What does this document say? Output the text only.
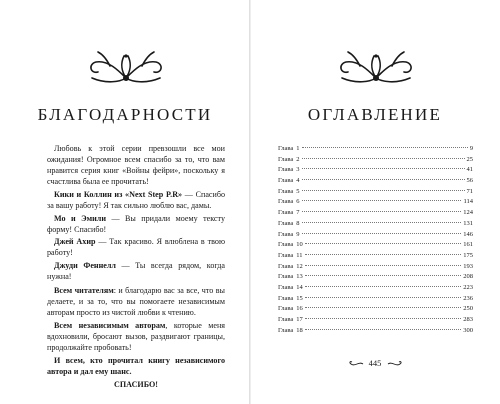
БЛАГОДАРНОСТИ

Любовь к этой серии превзошли все мои ожидания! Огромное всем спасибо за то, что вам нравится серия книг «Войны фейри», поскольку я счастлива была ее прочитать!

Кики и Коллин из «Next Step P.R» — Спасибо за вашу работу! Я так сильно люблю вас, дамы.

Мо и Эмили — Вы придали моему тексту форму! Спасибо!

Джей Ахир — Так красиво. Я влюблена в твою работу!

Джуди Феннелл — Ты всегда рядом, когда нужна!

Всем читателям: и благодарю вас за все, что вы делаете, и за то, что вы помогаете независимым авторам просто из чистой любви к чтению.

Всем независимым авторам, которые меня вдохновили, бросают вызов, раздвигают границы, продолжайте пробовать!

И всем, кто прочитал книгу независимого автора и дал ему шанс.

СПАСИБО!

ОГЛАВЛЕНИЕ
Глава 1	9
Глава 2	25
Глава 3	41
Глава 4	56
Глава 5	71
Глава 6	114
Глава 7	124
Глава 8	131
Глава 9	146
Глава 10	161
Глава 11	175
Глава 12	193
Глава 13	208
Глава 14	223
Глава 15	236
Глава 16	250
Глава 17	283
Глава 18	300
445
